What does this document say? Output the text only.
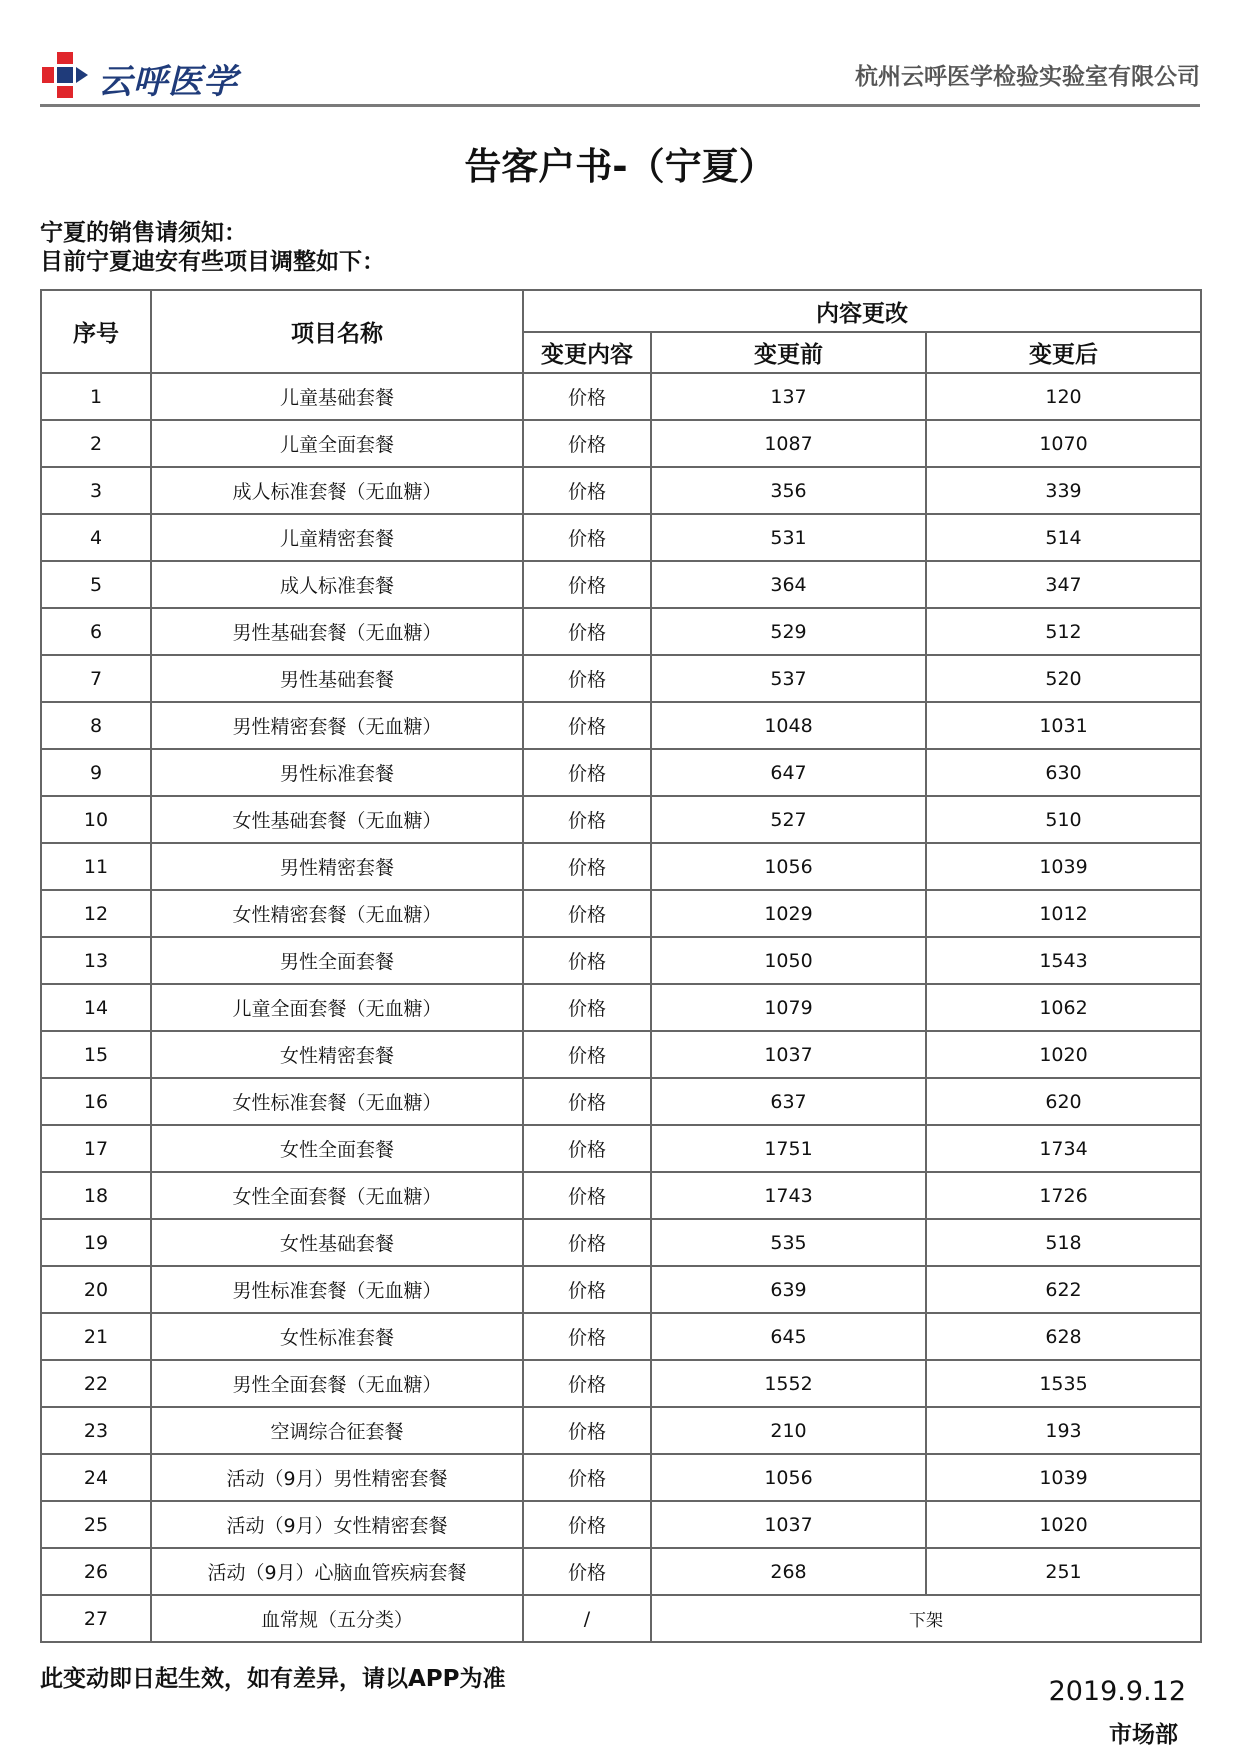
云呼医学	杭州云呼医学检验实验室有限公司
告客户书-（宁夏）
宁夏的销售请须知：
目前宁夏迪安有些项目调整如下：
序号	项目名称	内容更改		
		变更内容	变更前	变更后
1	儿童基础套餐	价格	137	120
2	儿童全面套餐	价格	1087	1070
3	成人标准套餐（无血糖）	价格	356	339
4	儿童精密套餐	价格	531	514
5	成人标准套餐	价格	364	347
6	男性基础套餐（无血糖）	价格	529	512
7	男性基础套餐	价格	537	520
8	男性精密套餐（无血糖）	价格	1048	1031
9	男性标准套餐	价格	647	630
10	女性基础套餐（无血糖）	价格	527	510
11	男性精密套餐	价格	1056	1039
12	女性精密套餐（无血糖）	价格	1029	1012
13	男性全面套餐	价格	1050	1543
14	儿童全面套餐（无血糖）	价格	1079	1062
15	女性精密套餐	价格	1037	1020
16	女性标准套餐（无血糖）	价格	637	620
17	女性全面套餐	价格	1751	1734
18	女性全面套餐（无血糖）	价格	1743	1726
19	女性基础套餐	价格	535	518
20	男性标准套餐（无血糖）	价格	639	622
21	女性标准套餐	价格	645	628
22	男性全面套餐（无血糖）	价格	1552	1535
23	空调综合征套餐	价格	210	193
24	活动（9月）男性精密套餐	价格	1056	1039
25	活动（9月）女性精密套餐	价格	1037	1020
26	活动（9月）心脑血管疾病套餐	价格	268	251
27	血常规（五分类）	/	下架	
此变动即日起生效，如有差异，请以APP为准	2019.9.12
市场部
